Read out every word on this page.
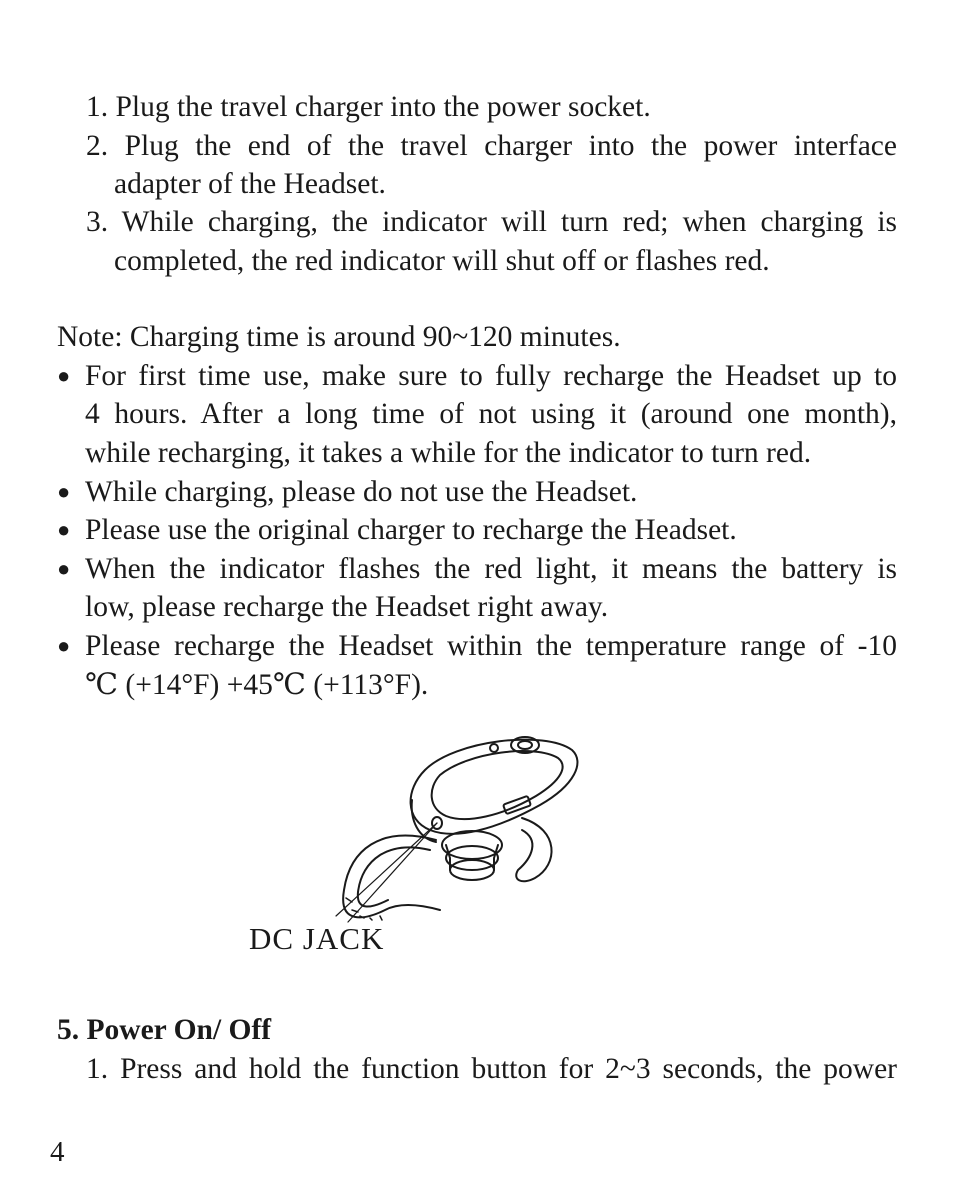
1. Plug the travel charger into the power socket.
2. Plug the end of the travel charger into the power interface
adapter of the Headset.
3. While charging, the indicator will turn red; when charging is
completed, the red indicator will shut off or flashes red.
Note: Charging time is around 90~120 minutes.
● For first time use, make sure to fully recharge the Headset up to
4 hours. After a long time of not using it (around one month),
while recharging, it takes a while for the indicator to turn red.
● While charging, please do not use the Headset.
● Please use the original charger to recharge the Headset.
● When the indicator flashes the red light, it means the battery is
low, please recharge the Headset right away.
● Please recharge the Headset within the temperature range of -10
℃ (+14°F) +45℃ (+113°F).
DC JACK
5. Power On/ Off
1. Press and hold the function button for 2~3 seconds, the power
4
